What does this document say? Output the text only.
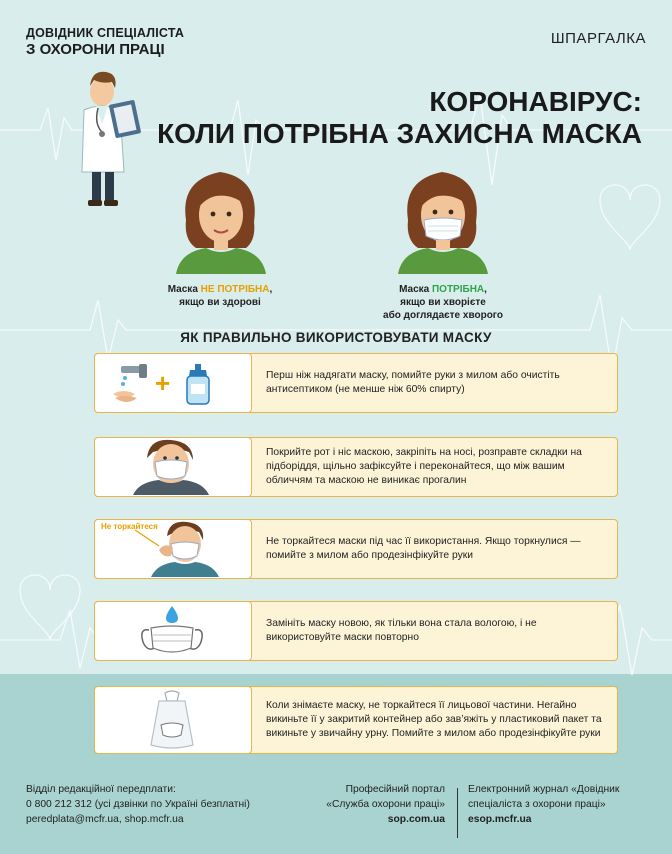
ДОВІДНИК СПЕЦІАЛІСТА
З ОХОРОНИ ПРАЦІ
ШПАРГАЛКА
КОРОНАВІРУС:
КОЛИ ПОТРІБНА ЗАХИСНА МАСКА
Маска НЕ ПОТРІБНА,
якщо ви здорові
Маска ПОТРІБНА,
якщо ви хворієте
або доглядаєте хворого
ЯК ПРАВИЛЬНО ВИКОРИСТОВУВАТИ МАСКУ
+	Перш ніж надягати маску, помийте руки з милом або очистіть антисептиком (не менше ніж 60% спирту)
Покрийте рот і ніс маскою, закріпіть на носі, розправте складки на підборіддя, щільно зафіксуйте і переконайтеся, що між вашим обличчям та маскою не виникає прогалин
Не торкайтеся
Не торкайтеся маски під час її використання. Якщо торкнулися — помийте з милом або продезінфікуйте руки
Замініть маску новою, як тільки вона стала вологою, і не використовуйте маски повторно
Коли знімаєте маску, не торкайтеся її лицьової частини. Негайно викиньте її у закритий контейнер або зав’яжіть у пластиковий пакет та викиньте у звичайну урну. Помийте з милом або продезінфікуйте руки
Відділ редакційної передплати:
0 800 212 312 (усі дзвінки по Україні безплатні)
peredplata@mcfr.ua, shop.mcfr.ua
Професійний портал
«Служба охорони праці»
sop.com.ua
Електронний журнал «Довідник
спеціаліста з охорони праці»
esop.mcfr.ua
